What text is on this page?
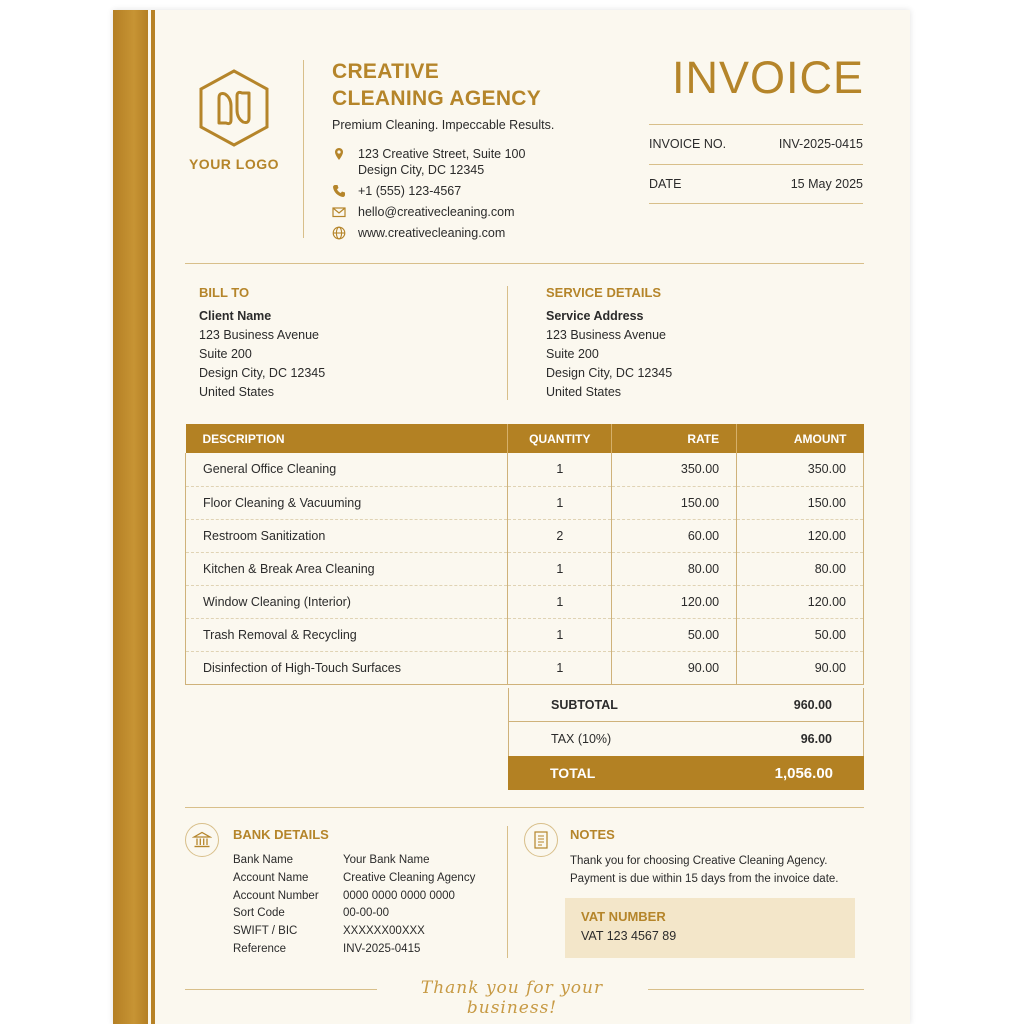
YOUR LOGO
CREATIVE
CLEANING AGENCY
Premium Cleaning. Impeccable Results.
123 Creative Street, Suite 100
Design City, DC 12345
+1 (555) 123-4567
hello@creativecleaning.com
www.creativecleaning.com
INVOICE
INVOICE NO.	INV-2025-0415
DATE	15 May 2025
BILL TO
Client Name
123 Business Avenue
Suite 200
Design City, DC 12345
United States
SERVICE DETAILS
Service Address
123 Business Avenue
Suite 200
Design City, DC 12345
United States
DESCRIPTION	QUANTITY	RATE	AMOUNT
General Office Cleaning	1	350.00	350.00
Floor Cleaning & Vacuuming	1	150.00	150.00
Restroom Sanitization	2	60.00	120.00
Kitchen & Break Area Cleaning	1	80.00	80.00
Window Cleaning (Interior)	1	120.00	120.00
Trash Removal & Recycling	1	50.00	50.00
Disinfection of High-Touch Surfaces	1	90.00	90.00
SUBTOTAL	960.00
TAX (10%)	96.00
TOTAL	1,056.00
BANK DETAILS
Bank Name	Your Bank Name
Account Name	Creative Cleaning Agency
Account Number	0000 0000 0000 0000
Sort Code	00-00-00
SWIFT / BIC	XXXXXX00XXX
Reference	INV-2025-0415
NOTES
Thank you for choosing Creative Cleaning Agency.
Payment is due within 15 days from the invoice date.
VAT NUMBER
VAT 123 4567 89
Thank you for your business!
